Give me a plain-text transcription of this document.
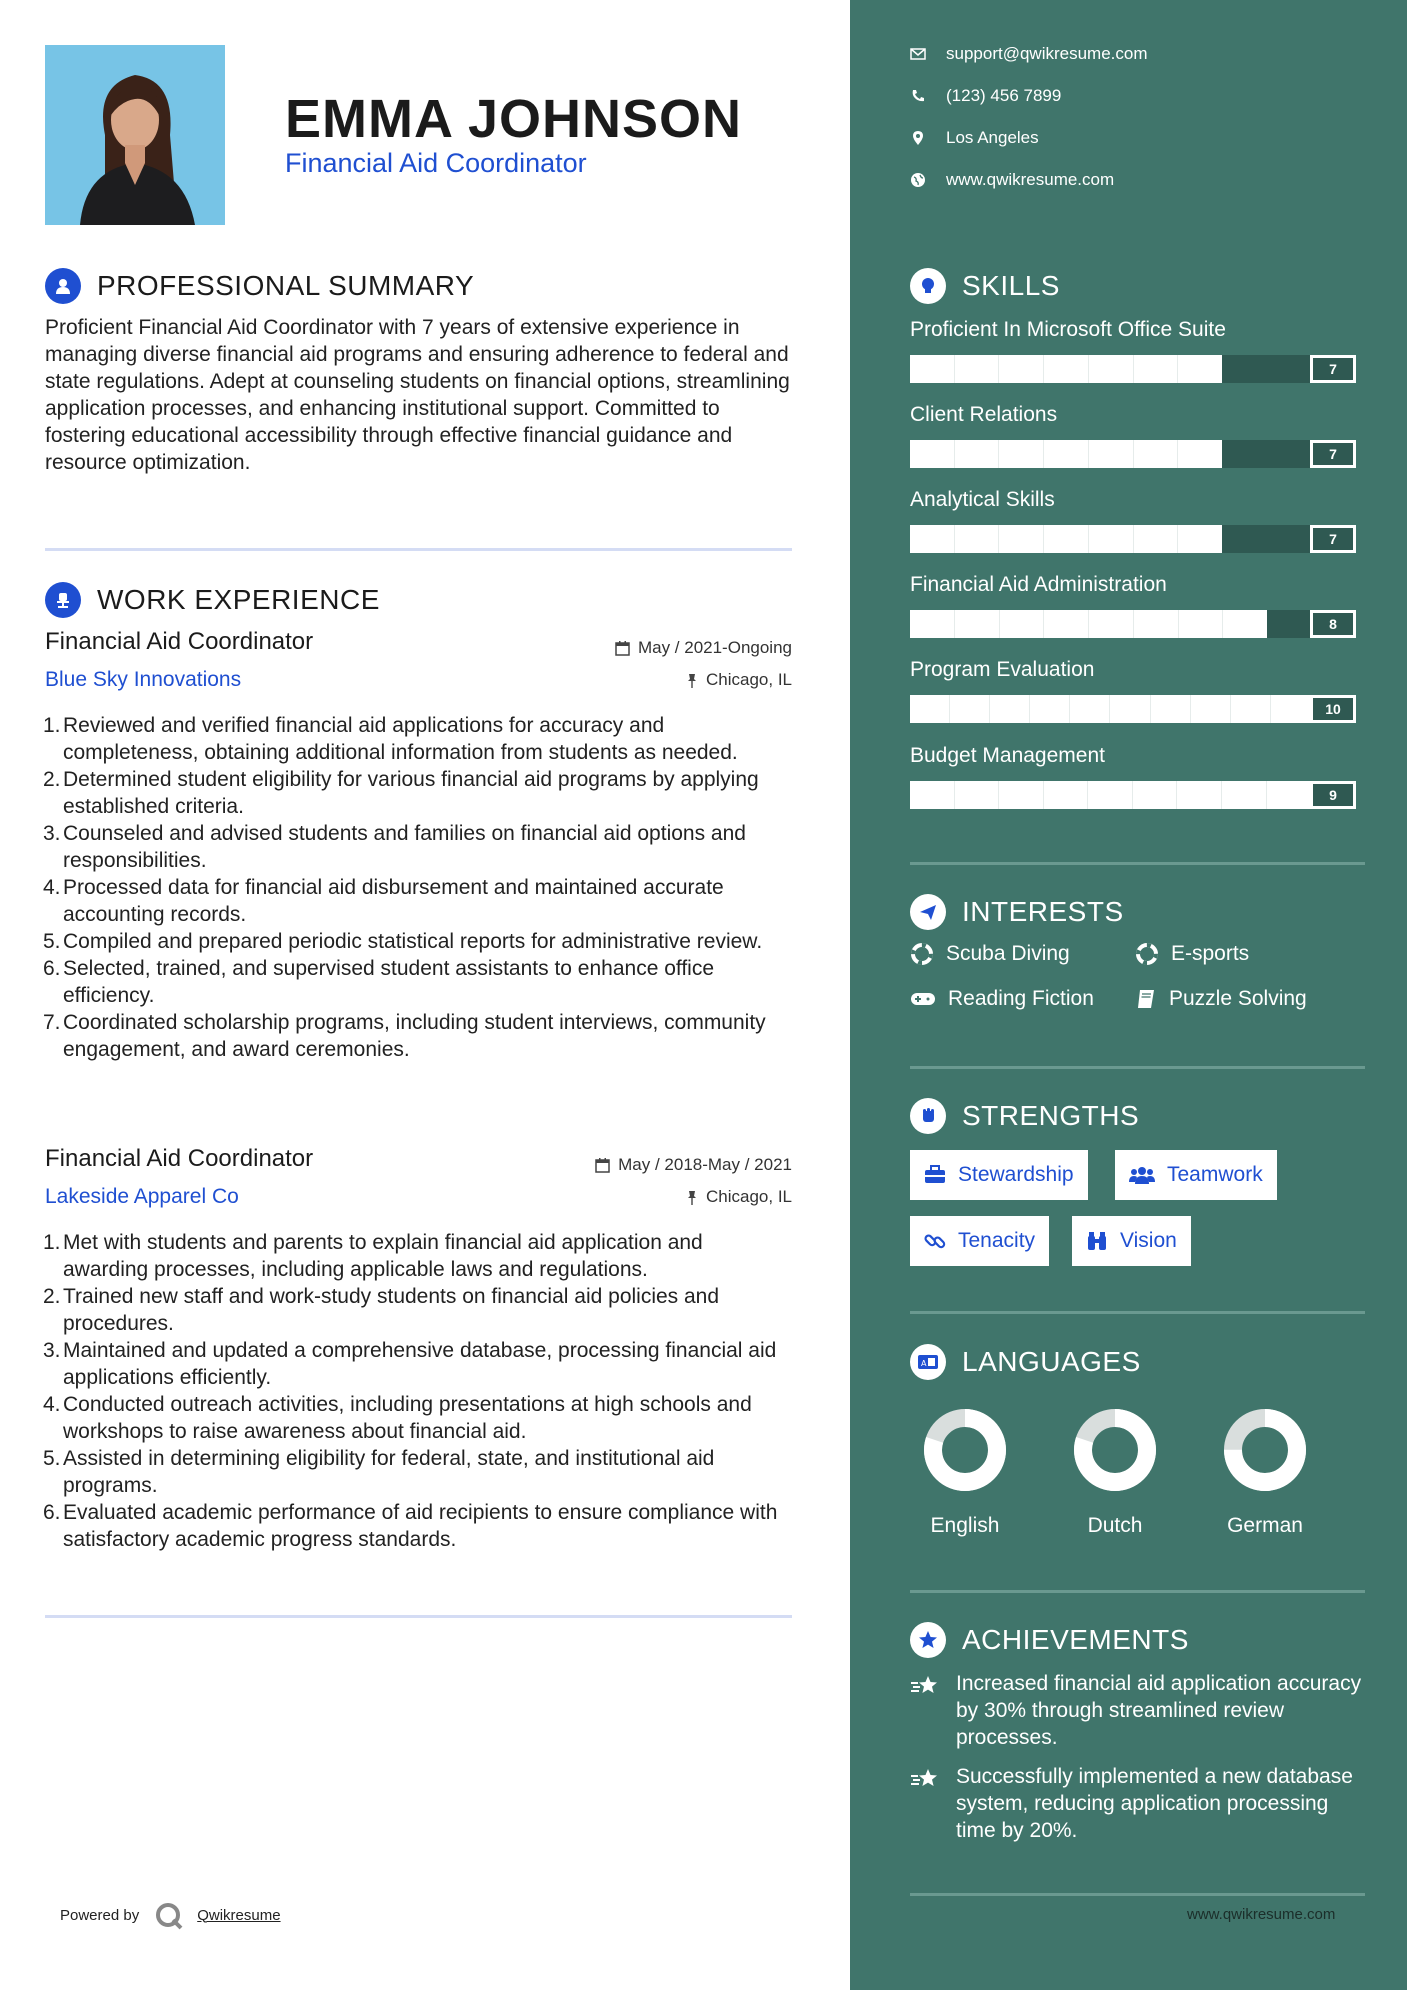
EMMA JOHNSON
Financial Aid Coordinator
PROFESSIONAL SUMMARY
Proficient Financial Aid Coordinator with 7 years of extensive experience in managing diverse financial aid programs and ensuring adherence to federal and state regulations. Adept at counseling students on financial options, streamlining application processes, and enhancing institutional support. Committed to fostering educational accessibility through effective financial guidance and resource optimization.
WORK EXPERIENCE
Financial Aid Coordinator
Blue Sky Innovations
May / 2021-Ongoing
Chicago, IL
1. Reviewed and verified financial aid applications for accuracy and completeness, obtaining additional information from students as needed.
2. Determined student eligibility for various financial aid programs by applying established criteria.
3. Counseled and advised students and families on financial aid options and responsibilities.
4. Processed data for financial aid disbursement and maintained accurate accounting records.
5. Compiled and prepared periodic statistical reports for administrative review.
6. Selected, trained, and supervised student assistants to enhance office efficiency.
7. Coordinated scholarship programs, including student interviews, community engagement, and award ceremonies.
Financial Aid Coordinator
Lakeside Apparel Co
May / 2018-May / 2021
Chicago, IL
1. Met with students and parents to explain financial aid application and awarding processes, including applicable laws and regulations.
2. Trained new staff and work-study students on financial aid policies and procedures.
3. Maintained and updated a comprehensive database, processing financial aid applications efficiently.
4. Conducted outreach activities, including presentations at high schools and workshops to raise awareness about financial aid.
5. Assisted in determining eligibility for federal, state, and institutional aid programs.
6. Evaluated academic performance of aid recipients to ensure compliance with satisfactory academic progress standards.
Powered by	Qwikresume
support@qwikresume.com
(123) 456 7899
Los Angeles
www.qwikresume.com
SKILLS
Proficient In Microsoft Office Suite
7
Client Relations
7
Analytical Skills
7
Financial Aid Administration
8
Program Evaluation
10
Budget Management
9
INTERESTS
Scuba Diving	E-sports
Reading Fiction	Puzzle Solving
STRENGTHS
Stewardship	Teamwork
Tenacity	Vision
A LANGUAGES
English	Dutch	German
ACHIEVEMENTS
Increased financial aid application accuracy by 30% through streamlined review processes.
Successfully implemented a new database system, reducing application processing time by 20%.
www.qwikresume.com
